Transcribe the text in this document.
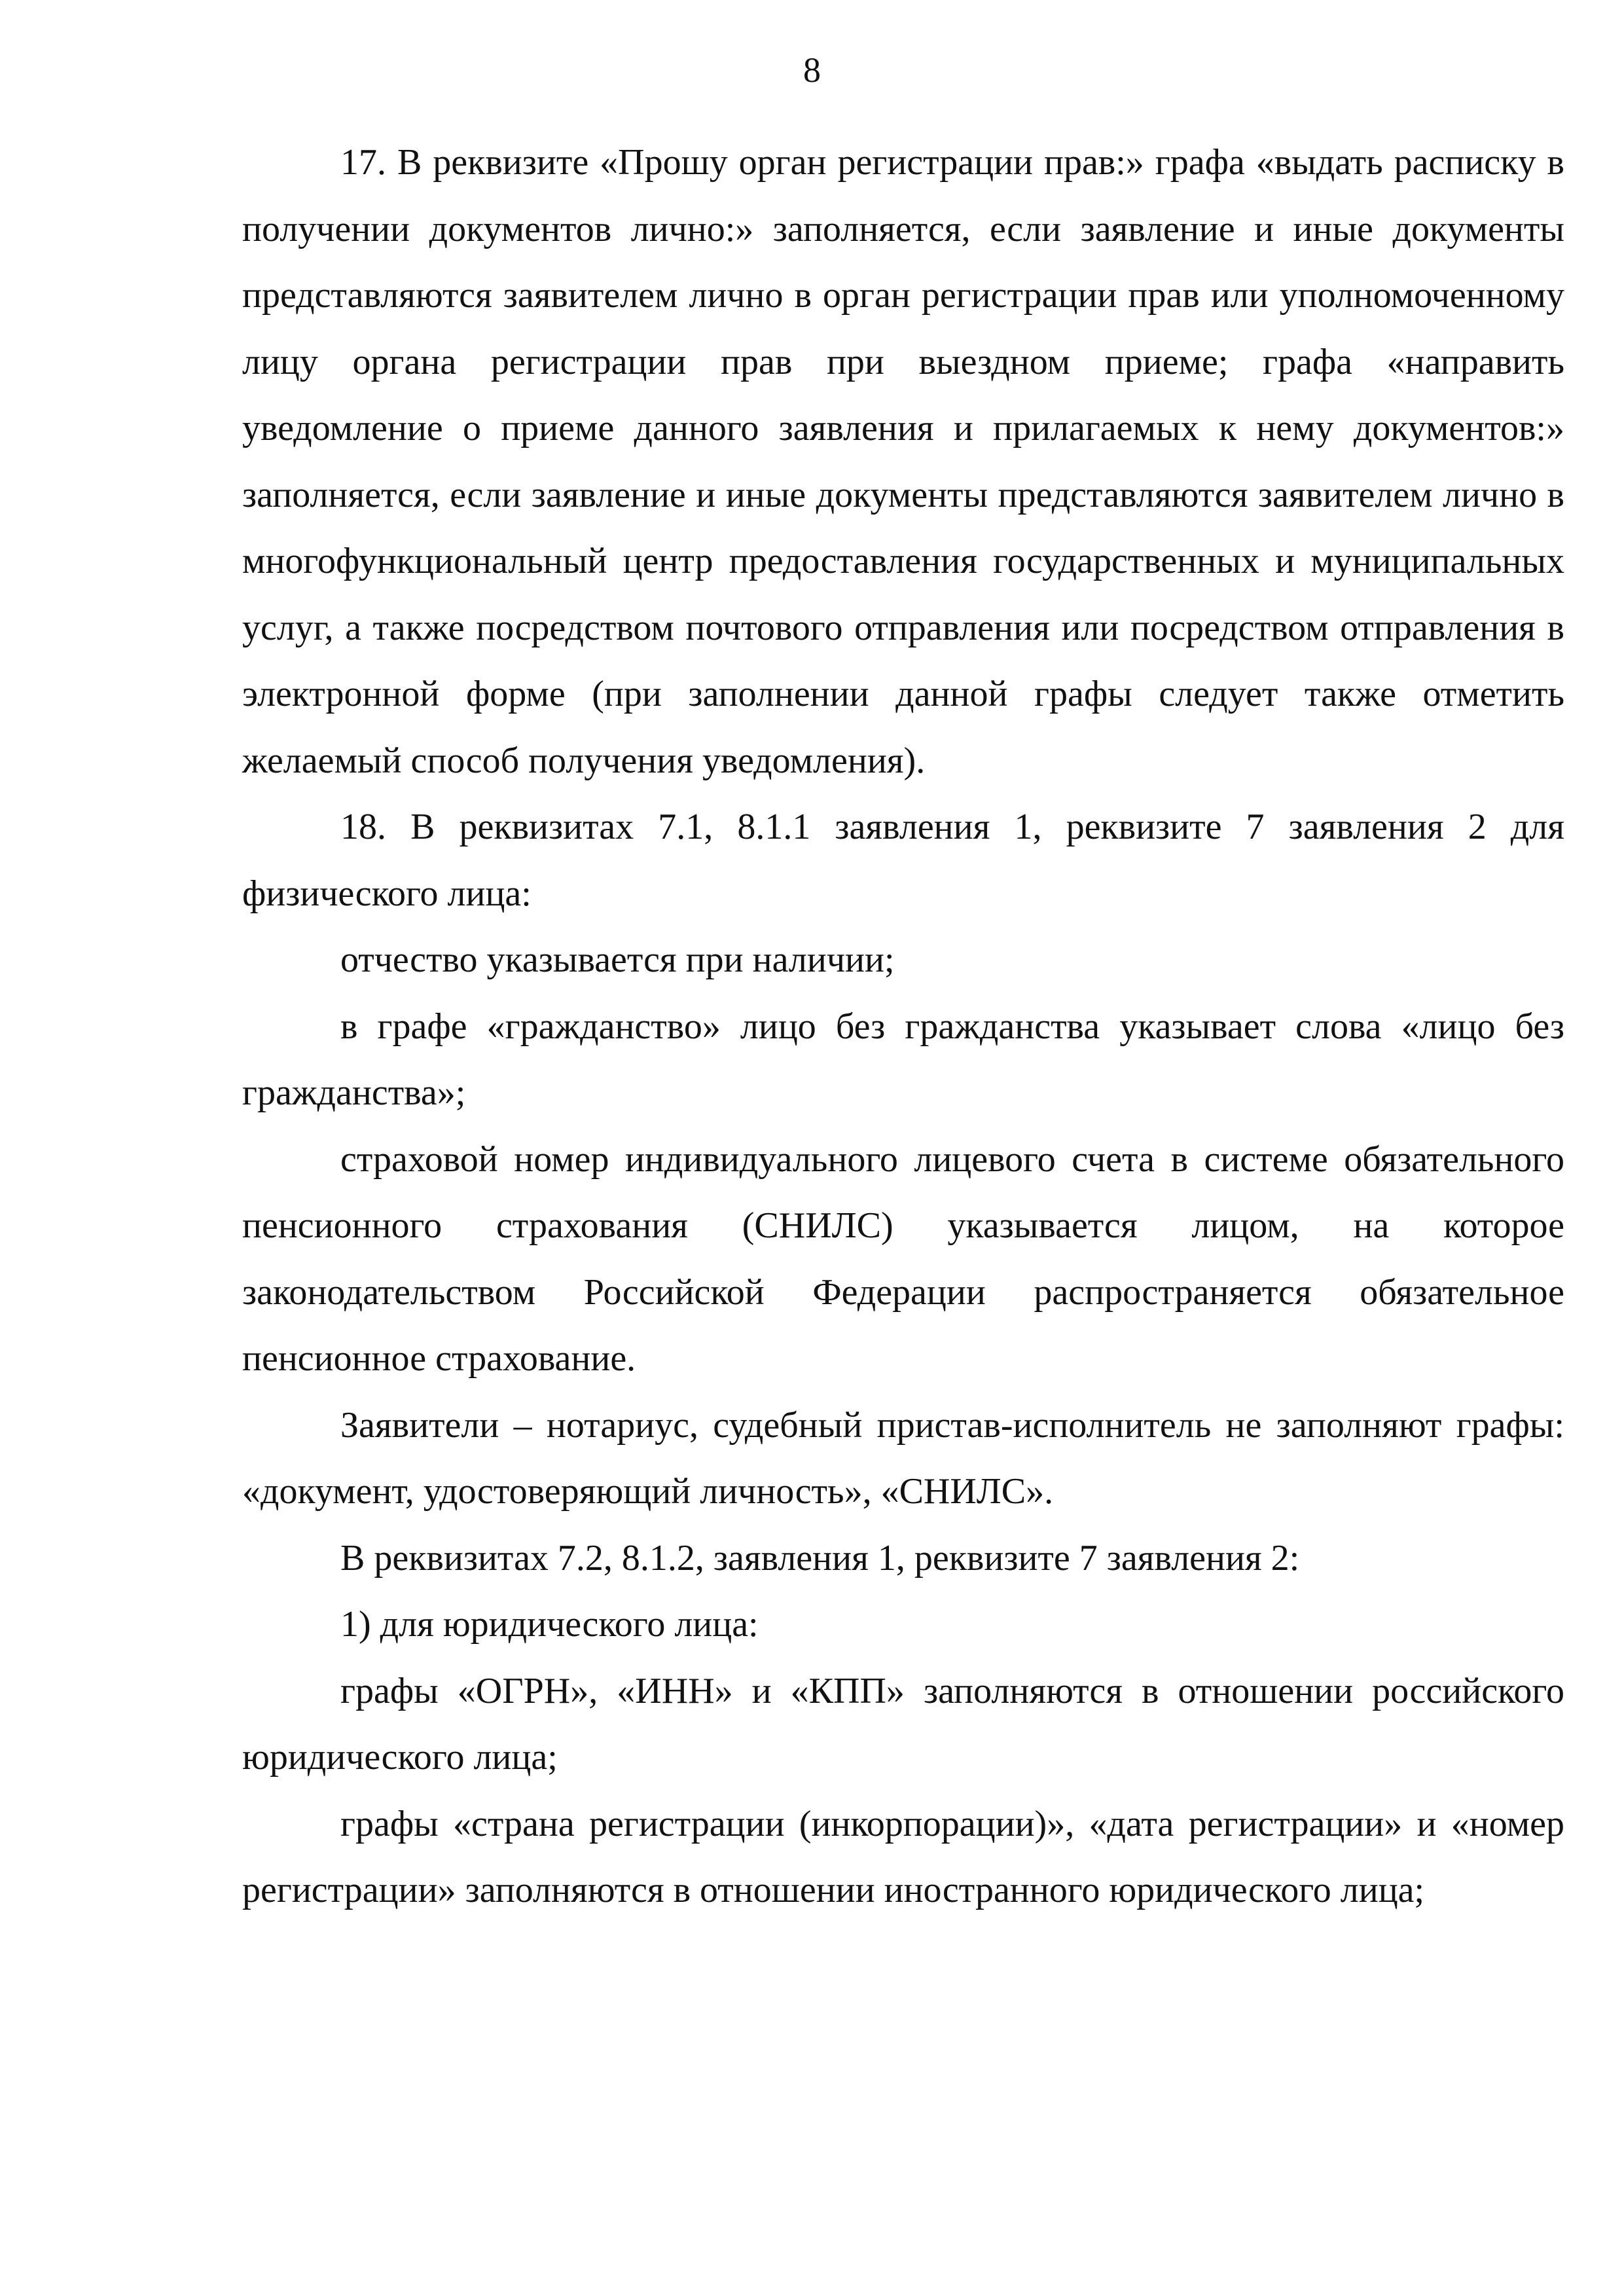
8

17. В реквизите «Прошу орган регистрации прав:» графа «выдать расписку в получении документов лично:» заполняется, если заявление и иные документы представляются заявителем лично в орган регистрации прав или уполномоченному лицу органа регистрации прав при выездном приеме; графа «направить уведомление о приеме данного заявления и прилагаемых к нему документов:» заполняется, если заявление и иные документы представляются заявителем лично в многофункциональный центр предоставления государственных и муниципальных услуг, а также посредством почтового отправления или посредством отправления в электронной форме (при заполнении данной графы следует также отметить желаемый способ получения уведомления).

18. В реквизитах 7.1, 8.1.1 заявления 1, реквизите 7 заявления 2 для физического лица:

отчество указывается при наличии;

в графе «гражданство» лицо без гражданства указывает слова «лицо без гражданства»;

страховой номер индивидуального лицевого счета в системе обязательного пенсионного страхования (СНИЛС) указывается лицом, на которое законодательством Российской Федерации распространяется обязательное пенсионное страхование.

Заявители – нотариус, судебный пристав-исполнитель не заполняют графы: «документ, удостоверяющий личность», «СНИЛС».

В реквизитах 7.2, 8.1.2, заявления 1, реквизите 7 заявления 2:

1) для юридического лица:

графы «ОГРН», «ИНН» и «КПП» заполняются в отношении российского юридического лица;

графы «страна регистрации (инкорпорации)», «дата регистрации» и «номер регистрации» заполняются в отношении иностранного юридического лица;
